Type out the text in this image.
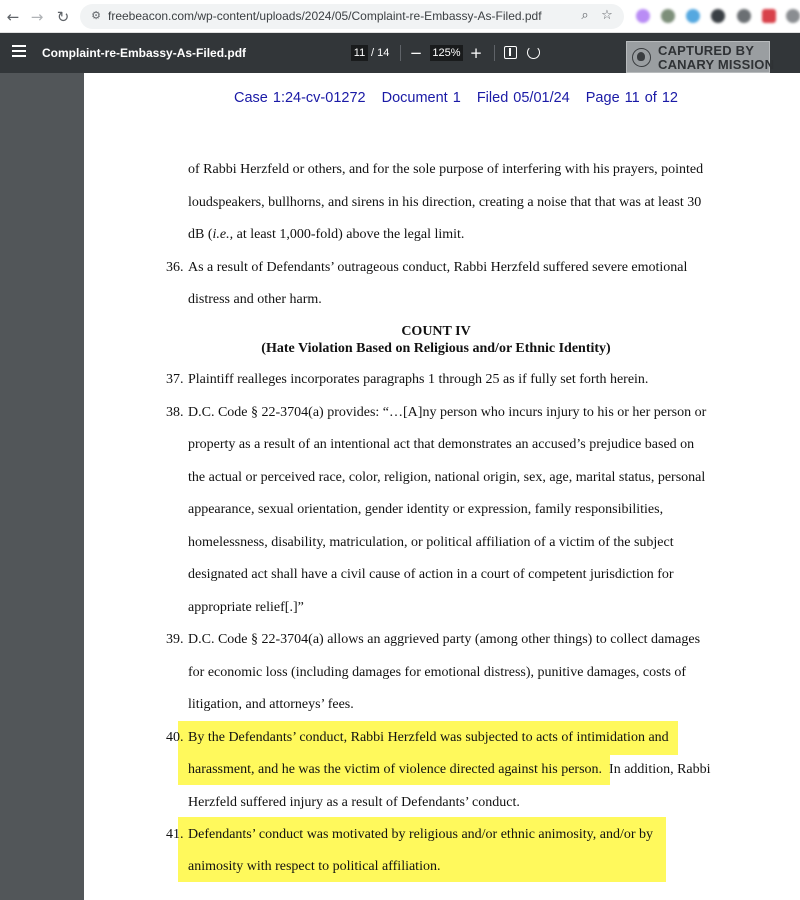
← → ↻	⚙ freebeacon.com/wp-content/uploads/2024/05/Complaint-re-Embassy-As-Filed.pdf	⌕ ☆
Complaint-re-Embassy-As-Filed.pdf	11 / 14 − 125% +	CAPTURED BY
CANARY MISSION
Case 1:24-cv-01272 Document 1 Filed 05/01/24 Page 11 of 12
of Rabbi Herzfeld or others, and for the sole purpose of interfering with his prayers, pointed
loudspeakers, bullhorns, and sirens in his direction, creating a noise that that was at least 30
dB (i.e., at least 1,000-fold) above the legal limit.
36. As a result of Defendants’ outrageous conduct, Rabbi Herzfeld suffered severe emotional
distress and other harm.
COUNT IV
(Hate Violation Based on Religious and/or Ethnic Identity)
37. Plaintiff realleges incorporates paragraphs 1 through 25 as if fully set forth herein.
38. D.C. Code § 22-3704(a) provides: “…[A]ny person who incurs injury to his or her person or
property as a result of an intentional act that demonstrates an accused’s prejudice based on
the actual or perceived race, color, religion, national origin, sex, age, marital status, personal
appearance, sexual orientation, gender identity or expression, family responsibilities,
homelessness, disability, matriculation, or political affiliation of a victim of the subject
designated act shall have a civil cause of action in a court of competent jurisdiction for
appropriate relief[.]”
39. D.C. Code § 22-3704(a) allows an aggrieved party (among other things) to collect damages
for economic loss (including damages for emotional distress), punitive damages, costs of
litigation, and attorneys’ fees.
40. By the Defendants’ conduct, Rabbi Herzfeld was subjected to acts of intimidation and
harassment, and he was the victim of violence directed against his person.  In addition, Rabbi
Herzfeld suffered injury as a result of Defendants’ conduct.
41. Defendants’ conduct was motivated by religious and/or ethnic animosity, and/or by
animosity with respect to political affiliation.
